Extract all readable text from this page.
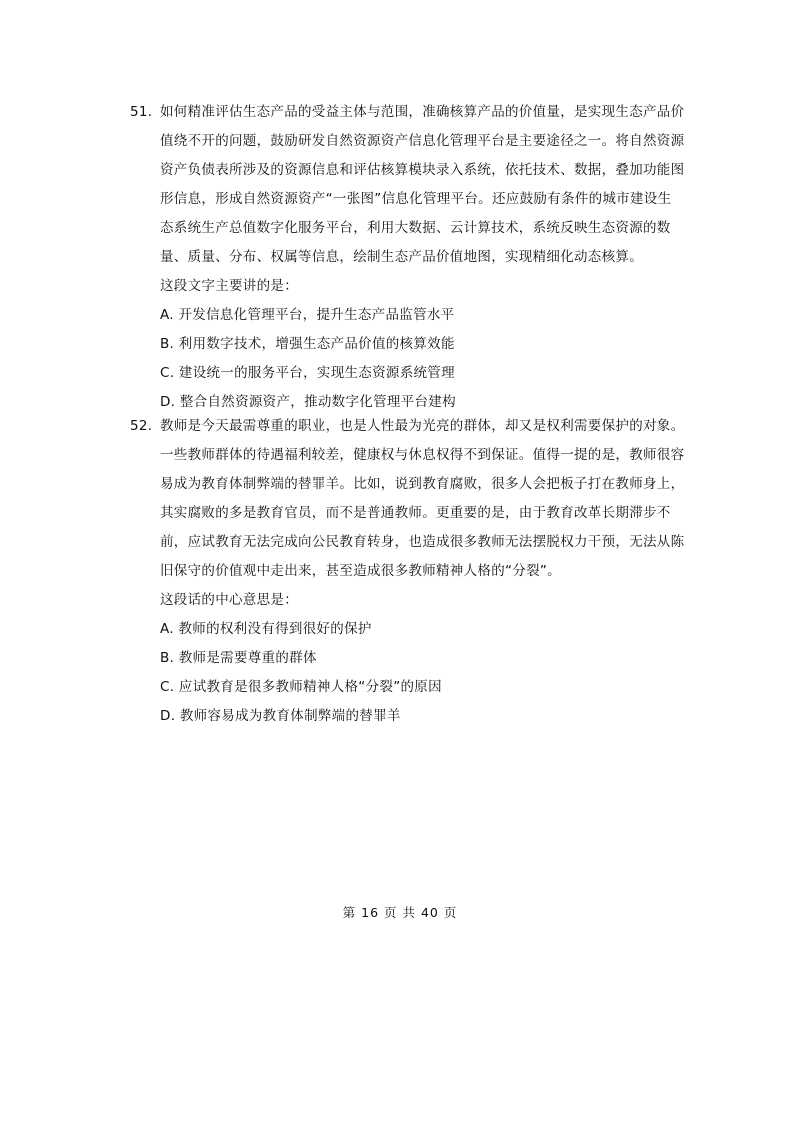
51. 如何精准评估生态产品的受益主体与范围，准确核算产品的价值量，是实现生态产品价
值绕不开的问题，鼓励研发自然资源资产信息化管理平台是主要途径之一。将自然资源
资产负债表所涉及的资源信息和评估核算模块录入系统，依托技术、数据，叠加功能图
形信息，形成自然资源资产“一张图”信息化管理平台。还应鼓励有条件的城市建设生
态系统生产总值数字化服务平台，利用大数据、云计算技术，系统反映生态资源的数
量、质量、分布、权属等信息，绘制生态产品价值地图，实现精细化动态核算。
这段文字主要讲的是：
A. 开发信息化管理平台，提升生态产品监管水平
B. 利用数字技术，增强生态产品价值的核算效能
C. 建设统一的服务平台，实现生态资源系统管理
D. 整合自然资源资产，推动数字化管理平台建构
52. 教师是今天最需尊重的职业，也是人性最为光亮的群体，却又是权利需要保护的对象。
一些教师群体的待遇福利较差，健康权与休息权得不到保证。值得一提的是，教师很容
易成为教育体制弊端的替罪羊。比如，说到教育腐败，很多人会把板子打在教师身上，
其实腐败的多是教育官员，而不是普通教师。更重要的是，由于教育改革长期滞步不
前，应试教育无法完成向公民教育转身，也造成很多教师无法摆脱权力干预，无法从陈
旧保守的价值观中走出来，甚至造成很多教师精神人格的“分裂”。
这段话的中心意思是：
A. 教师的权利没有得到很好的保护
B. 教师是需要尊重的群体
C. 应试教育是很多教师精神人格“分裂”的原因
D. 教师容易成为教育体制弊端的替罪羊
第 16 页 共 40 页
